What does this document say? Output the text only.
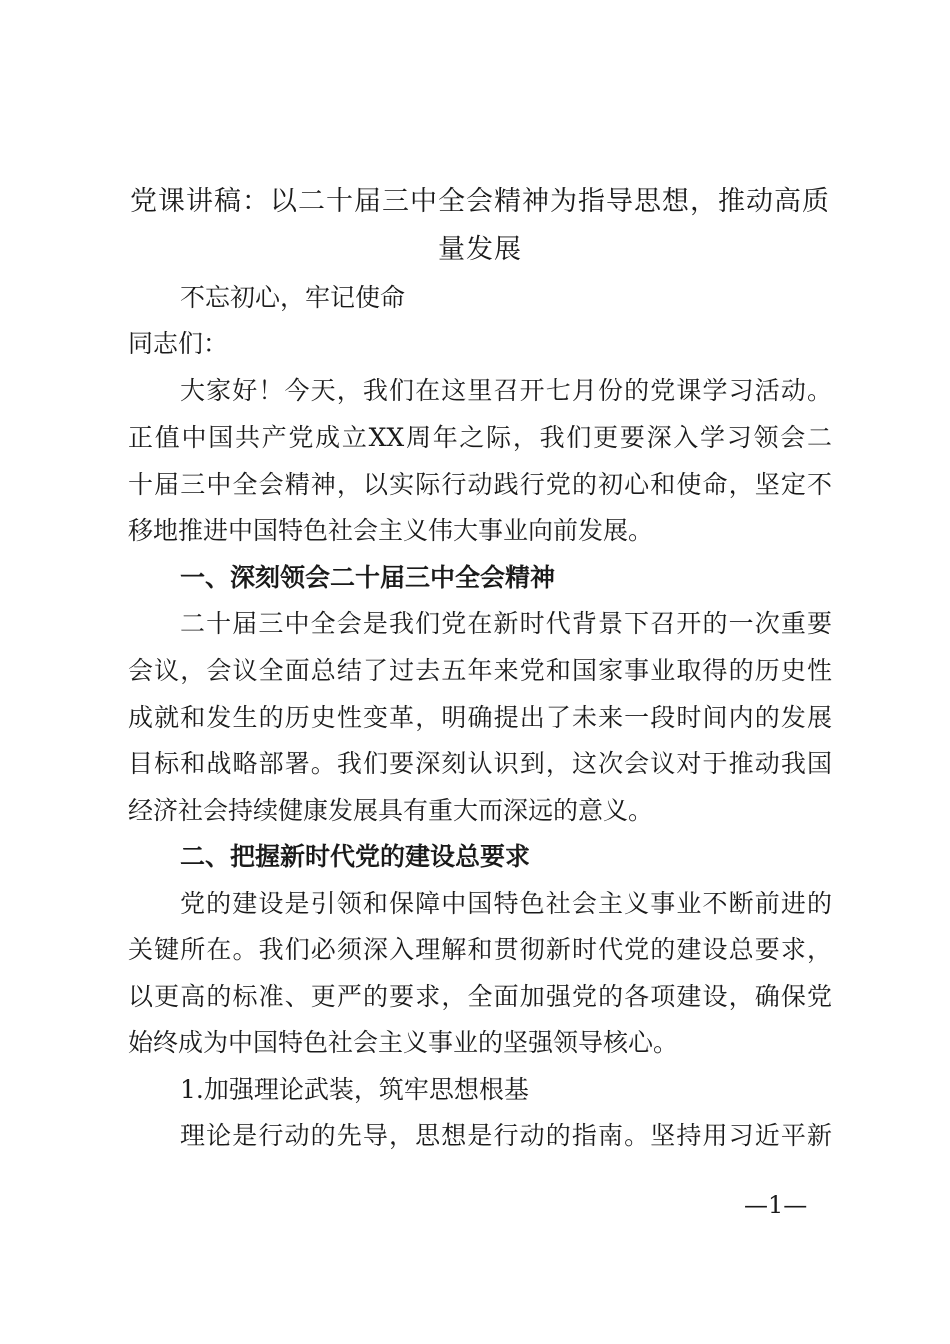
党课讲稿：以二十届三中全会精神为指导思想，推动高质量发展
不忘初心，牢记使命
同志们：
大家好！今天，我们在这里召开七月份的党课学习活动。
正值中国共产党成立XX周年之际，我们更要深入学习领会二
十届三中全会精神，以实际行动践行党的初心和使命，坚定不
移地推进中国特色社会主义伟大事业向前发展。
一、深刻领会二十届三中全会精神
二十届三中全会是我们党在新时代背景下召开的一次重要
会议，会议全面总结了过去五年来党和国家事业取得的历史性
成就和发生的历史性变革，明确提出了未来一段时间内的发展
目标和战略部署。我们要深刻认识到，这次会议对于推动我国
经济社会持续健康发展具有重大而深远的意义。
二、把握新时代党的建设总要求
党的建设是引领和保障中国特色社会主义事业不断前进的
关键所在。我们必须深入理解和贯彻新时代党的建设总要求，
以更高的标准、更严的要求，全面加强党的各项建设，确保党
始终成为中国特色社会主义事业的坚强领导核心。
1.加强理论武装，筑牢思想根基
理论是行动的先导，思想是行动的指南。坚持用习近平新
—1—
